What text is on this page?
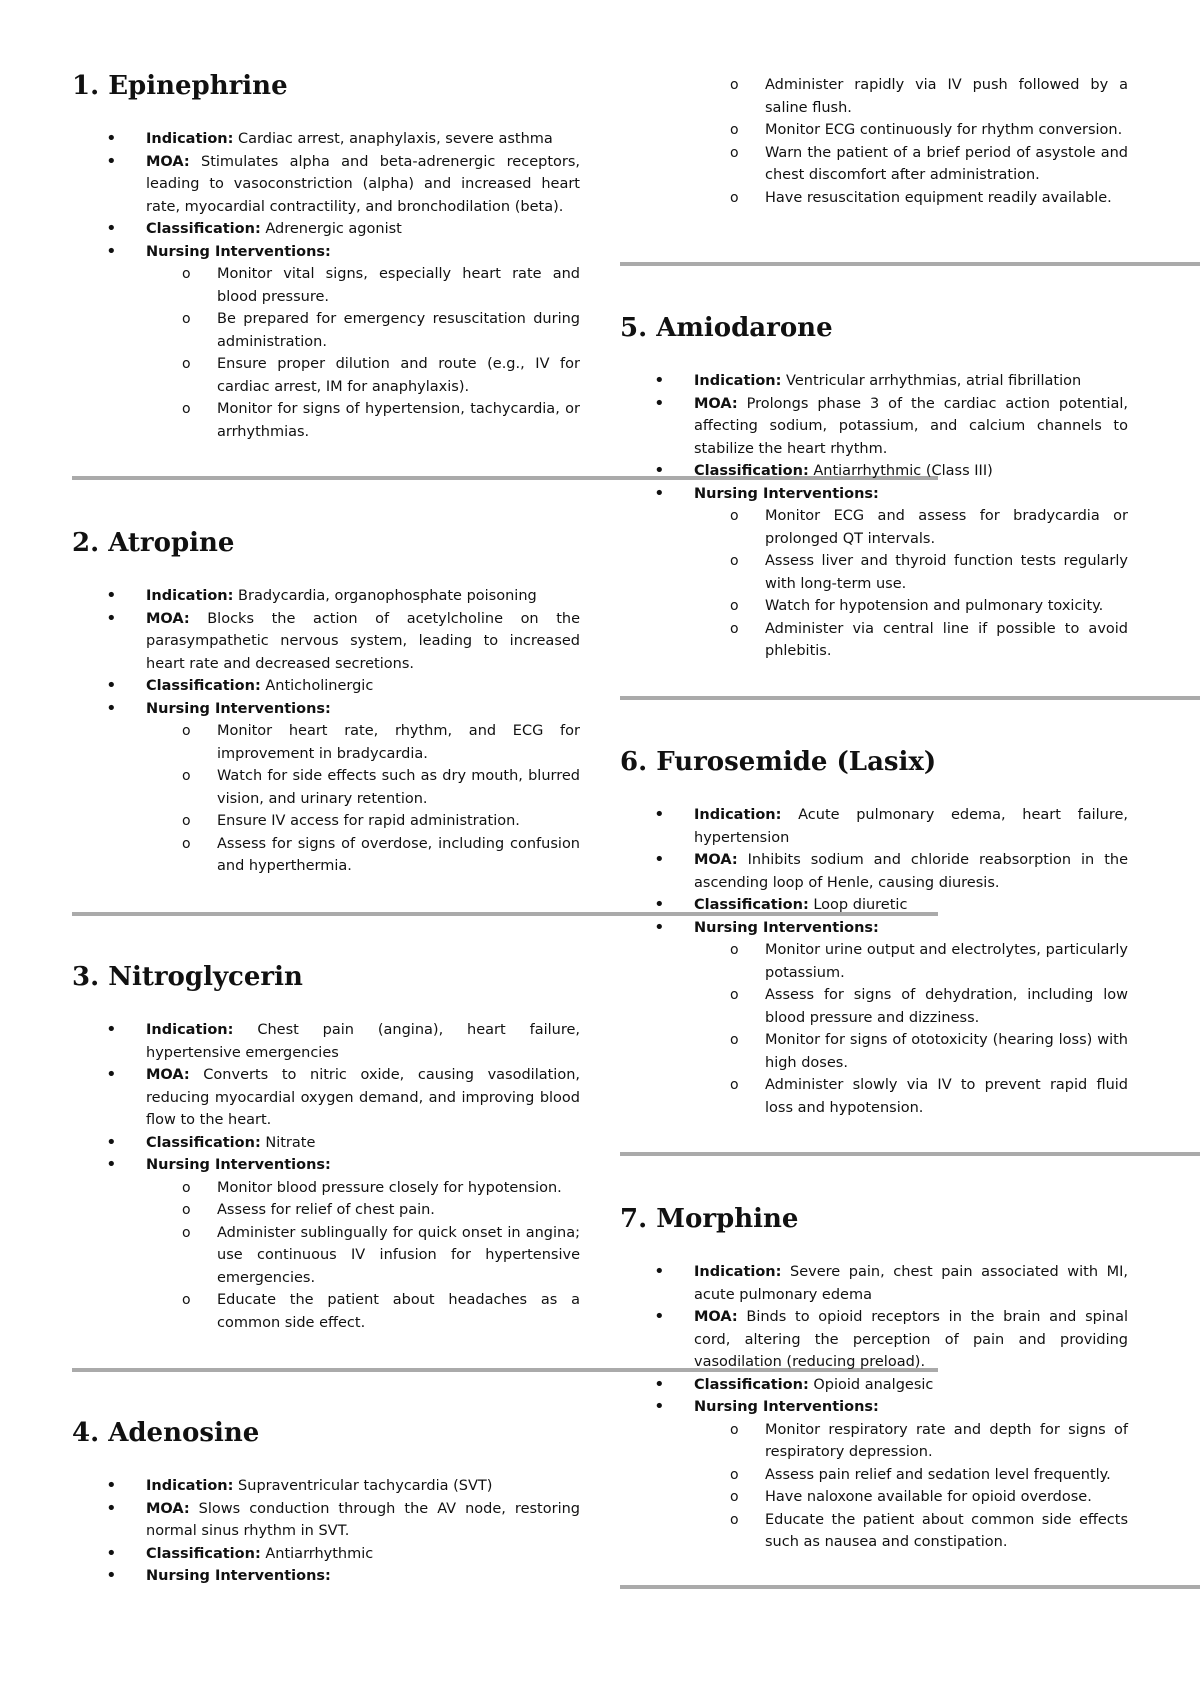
o Administer rapidly via IV push followed by a saline flush.
o Monitor ECG continuously for rhythm conversion.
o Warn the patient of a brief period of asystole and chest discomfort after administration.
o Have resuscitation equipment readily available.
1. Epinephrine
• Indication: Cardiac arrest, anaphylaxis, severe asthma
• MOA: Stimulates alpha and beta-adrenergic receptors, leading to vasoconstriction (alpha) and increased heart rate, myocardial contractility, and bronchodilation (beta).
• Classification: Adrenergic agonist
• Nursing Interventions:
o Monitor vital signs, especially heart rate and blood pressure.
o Be prepared for emergency resuscitation during administration.
o Ensure proper dilution and route (e.g., IV for cardiac arrest, IM for anaphylaxis).
o Monitor for signs of hypertension, tachycardia, or arrhythmias.
2. Atropine
• Indication: Bradycardia, organophosphate poisoning
• MOA: Blocks the action of acetylcholine on the parasympathetic nervous system, leading to increased heart rate and decreased secretions.
• Classification: Anticholinergic
• Nursing Interventions:
o Monitor heart rate, rhythm, and ECG for improvement in bradycardia.
o Watch for side effects such as dry mouth, blurred vision, and urinary retention.
o Ensure IV access for rapid administration.
o Assess for signs of overdose, including confusion and hyperthermia.
3. Nitroglycerin
• Indication: Chest pain (angina), heart failure, hypertensive emergencies
• MOA: Converts to nitric oxide, causing vasodilation, reducing myocardial oxygen demand, and improving blood flow to the heart.
• Classification: Nitrate
• Nursing Interventions:
o Monitor blood pressure closely for hypotension.
o Assess for relief of chest pain.
o Administer sublingually for quick onset in angina; use continuous IV infusion for hypertensive emergencies.
o Educate the patient about headaches as a common side effect.
4. Adenosine
• Indication: Supraventricular tachycardia (SVT)
• MOA: Slows conduction through the AV node, restoring normal sinus rhythm in SVT.
• Classification: Antiarrhythmic
• Nursing Interventions:
5. Amiodarone
• Indication: Ventricular arrhythmias, atrial fibrillation
• MOA: Prolongs phase 3 of the cardiac action potential, affecting sodium, potassium, and calcium channels to stabilize the heart rhythm.
• Classification: Antiarrhythmic (Class III)
• Nursing Interventions:
o Monitor ECG and assess for bradycardia or prolonged QT intervals.
o Assess liver and thyroid function tests regularly with long-term use.
o Watch for hypotension and pulmonary toxicity.
o Administer via central line if possible to avoid phlebitis.
6. Furosemide (Lasix)
• Indication: Acute pulmonary edema, heart failure, hypertension
• MOA: Inhibits sodium and chloride reabsorption in the ascending loop of Henle, causing diuresis.
• Classification: Loop diuretic
• Nursing Interventions:
o Monitor urine output and electrolytes, particularly potassium.
o Assess for signs of dehydration, including low blood pressure and dizziness.
o Monitor for signs of ototoxicity (hearing loss) with high doses.
o Administer slowly via IV to prevent rapid fluid loss and hypotension.
7. Morphine
• Indication: Severe pain, chest pain associated with MI, acute pulmonary edema
• MOA: Binds to opioid receptors in the brain and spinal cord, altering the perception of pain and providing vasodilation (reducing preload).
• Classification: Opioid analgesic
• Nursing Interventions:
o Monitor respiratory rate and depth for signs of respiratory depression.
o Assess pain relief and sedation level frequently.
o Have naloxone available for opioid overdose.
o Educate the patient about common side effects such as nausea and constipation.
